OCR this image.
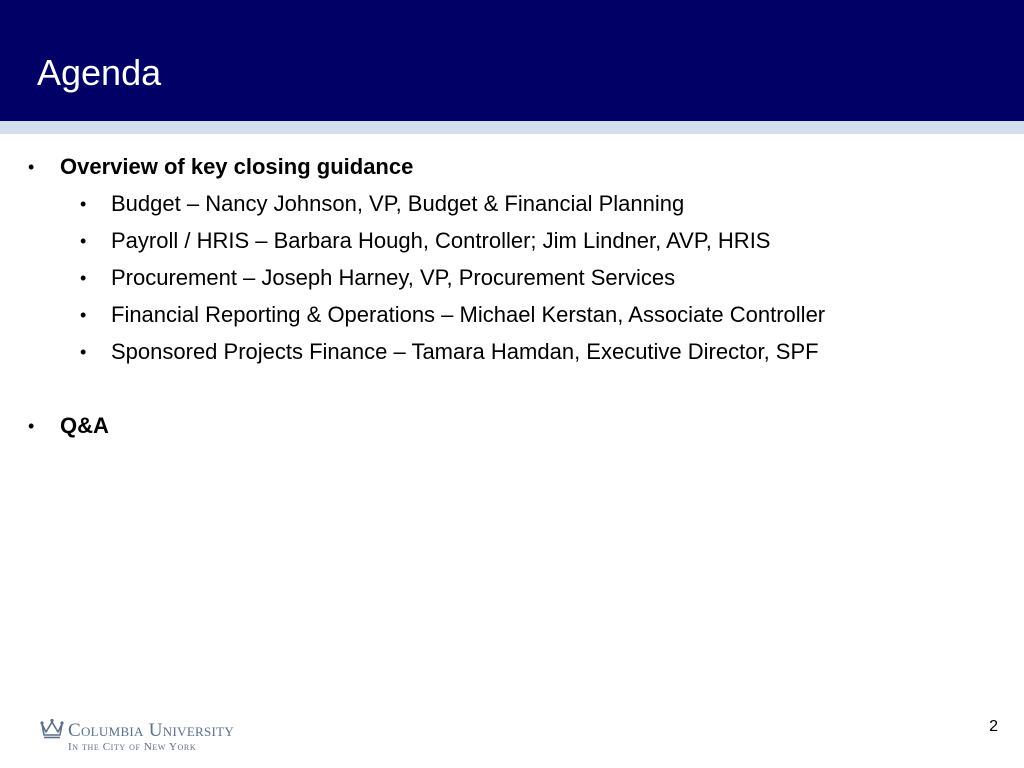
Agenda
• Overview of key closing guidance
• Budget – Nancy Johnson, VP, Budget & Financial Planning
• Payroll / HRIS – Barbara Hough, Controller; Jim Lindner, AVP, HRIS
• Procurement – Joseph Harney, VP, Procurement Services
• Financial Reporting & Operations – Michael Kerstan, Associate Controller
• Sponsored Projects Finance – Tamara Hamdan, Executive Director, SPF
• Q&A
Columbia University
In the City of New York
2
